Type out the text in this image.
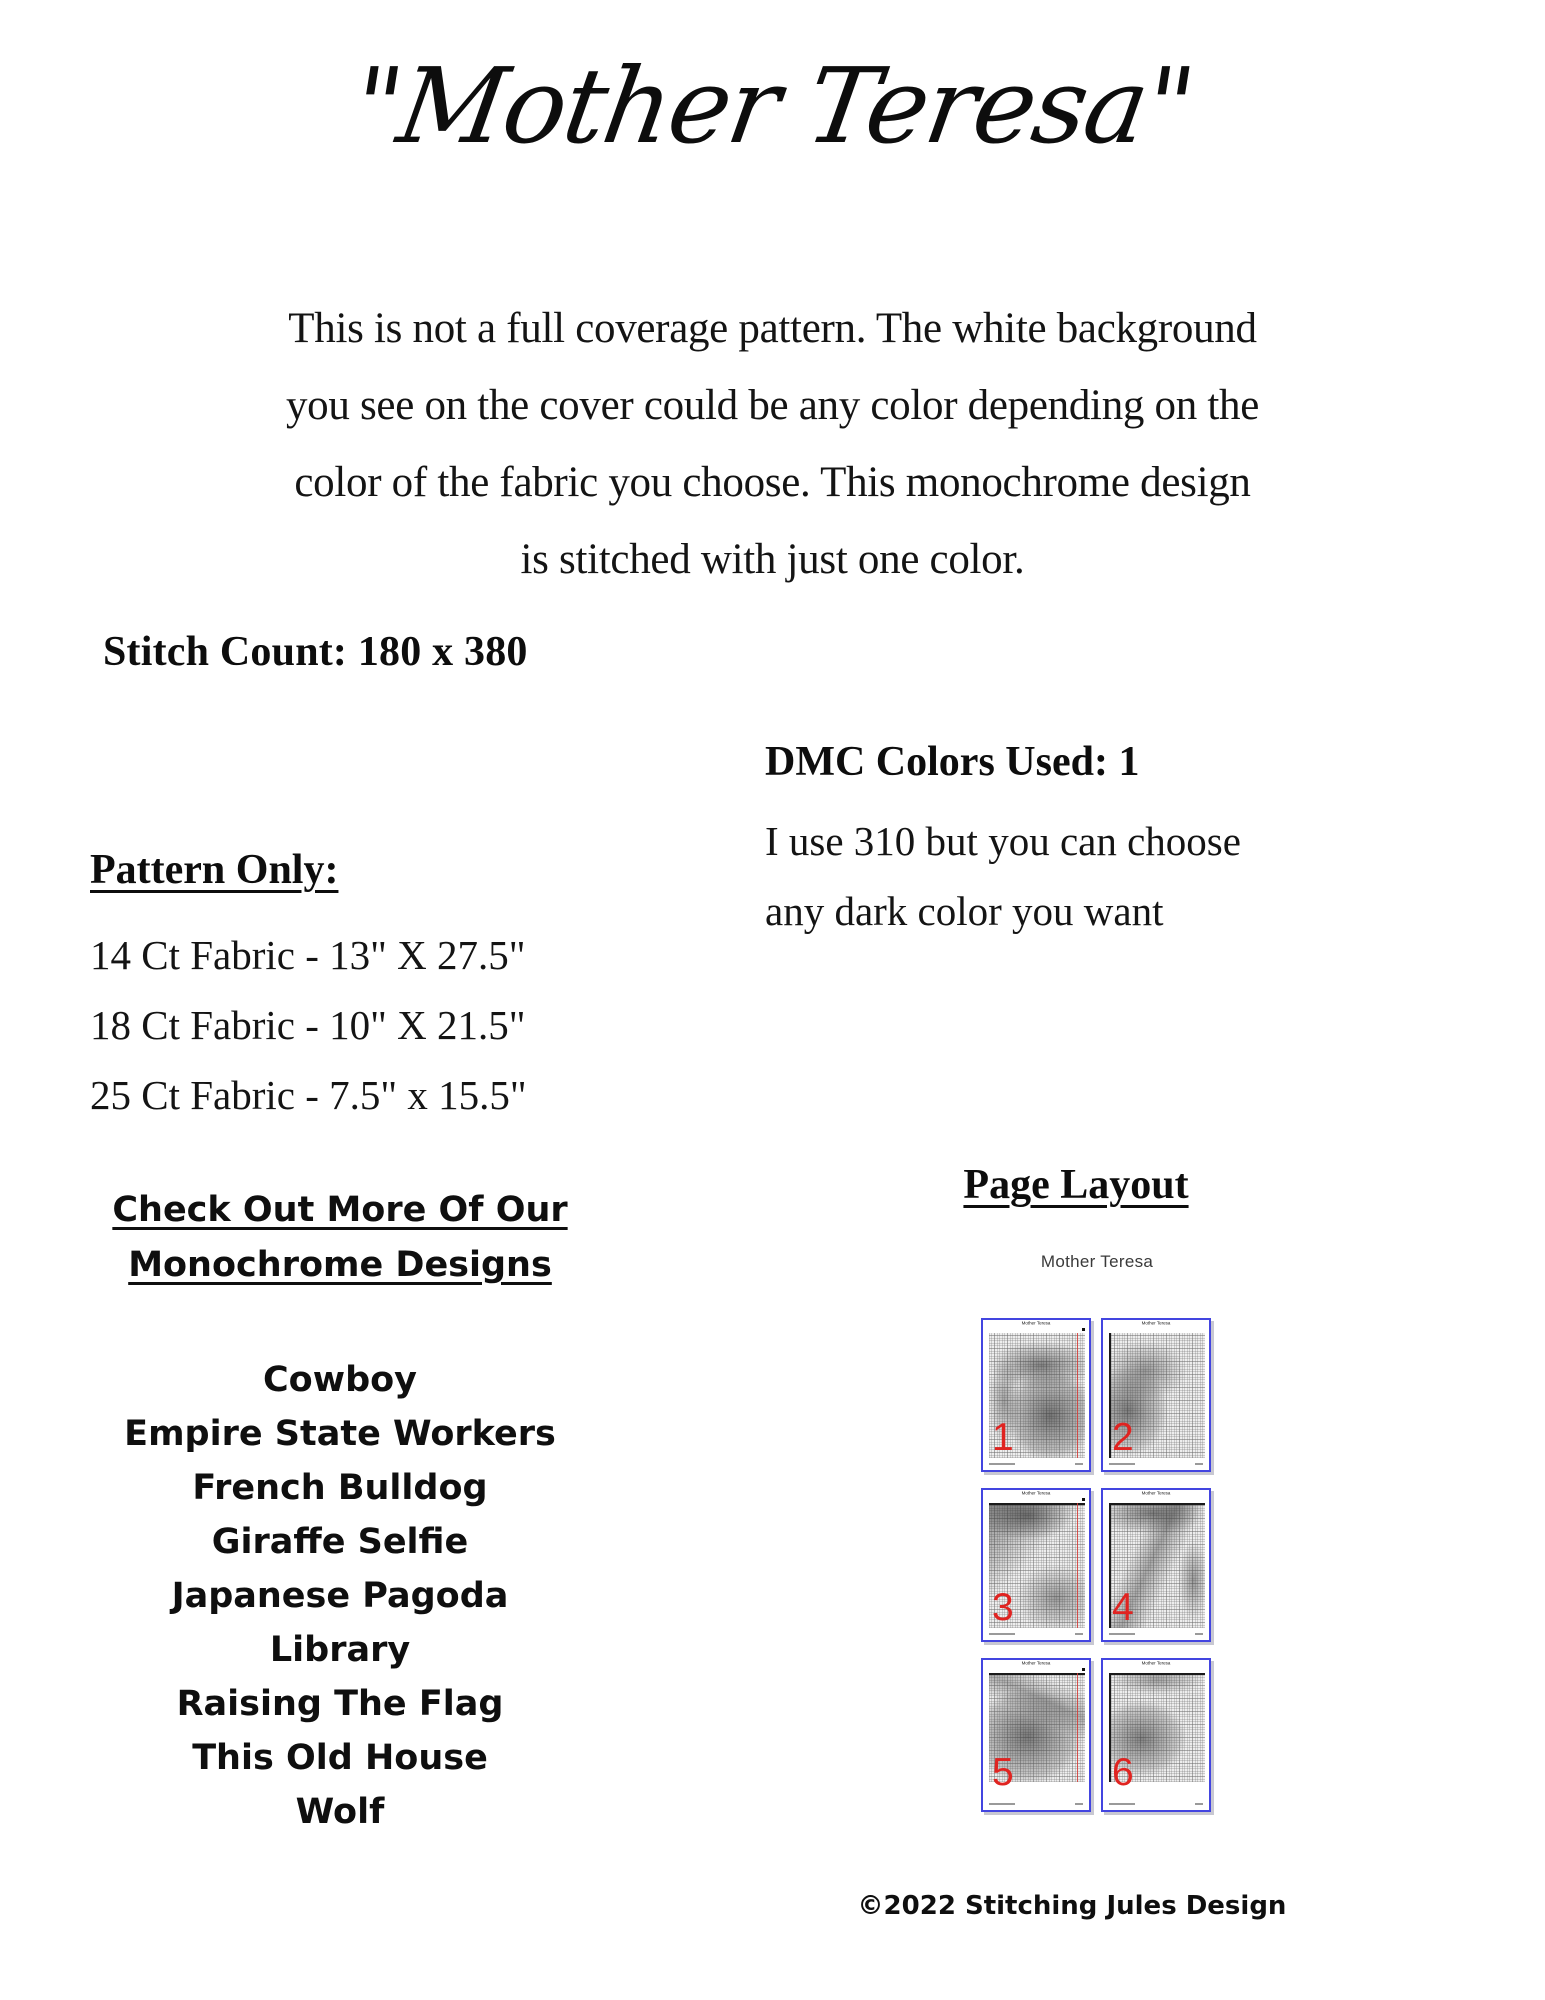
"Mother Teresa"
This is not a full coverage pattern. The white background
you see on the cover could be any color depending on the
color of the fabric you choose. This monochrome design
is stitched with just one color.
Stitch Count: 180 x 380
DMC Colors Used: 1
I use 310 but you can choose
any dark color you want
Pattern Only:
14 Ct Fabric - 13" X 27.5"
18 Ct Fabric - 10" X 21.5"
25 Ct Fabric - 7.5" x 15.5"
Check Out More Of Our
Monochrome Designs
Cowboy
Empire State Workers
French Bulldog
Giraffe Selfie
Japanese Pagoda
Library
Raising The Flag
This Old House
Wolf
Page Layout
Mother Teresa
Mother Teresa
1
Mother Teresa
2
Mother Teresa
3
Mother Teresa
4
Mother Teresa
5
Mother Teresa
6
©2022 Stitching Jules Design
